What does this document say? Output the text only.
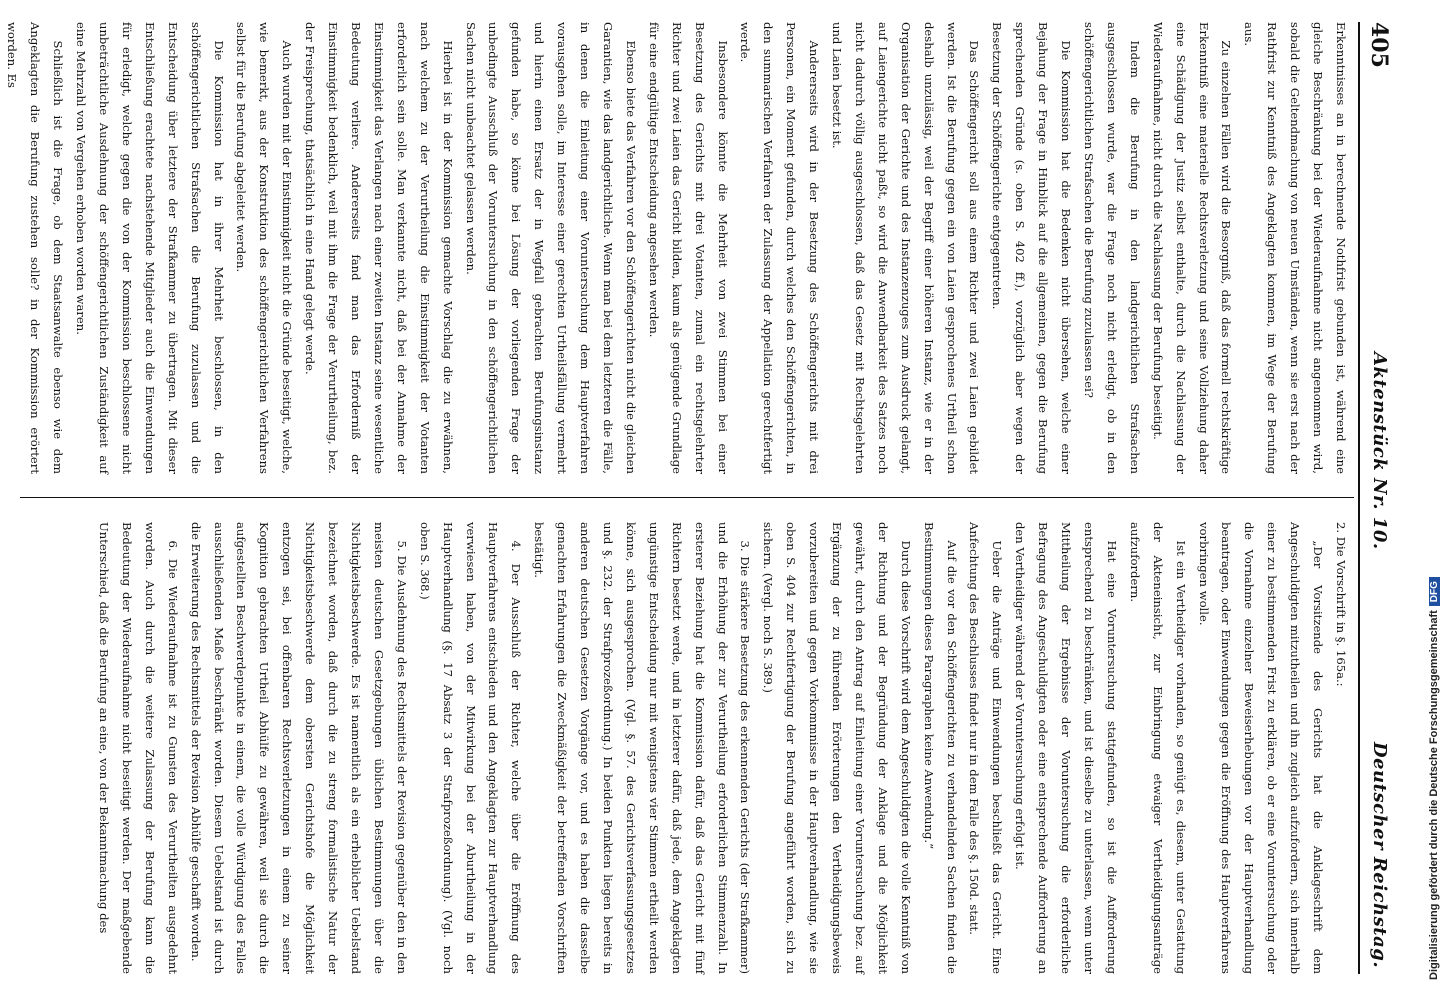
405
Aktenstück Nr. 10.
Deutscher Reichstag.

Erkenntnisses an in berechnende Nothfrist gebunden ist, während eine gleiche Beschränkung bei der Wiederaufnahme nicht angenommen wird, sobald die Geltendmachung von neuen Umständen, wenn sie erst nach der Rathfrist zur Kenntniß des Angeklagten kommen, im Wege der Berufung aus.

Zu einzelnen Fällen wird die Besorgniß, daß das formell rechtskräftige Erkenntniß eine materielle Rechtsverletzung und seine Vollziehung daher eine Schädigung der Justiz selbst enthalte, durch die Nachlassung der Wiederaufnahme, nicht durch die Nachlassung der Berufung beseitigt.

Indem die Berufung in den landgerichtlichen Strafsachen ausgeschlossen wurde, war die Frage noch nicht erledigt, ob in den schöffengerichtlichen Strafsachen die Berufung zuzulassen sei?

Die Kommission hat die Bedenken nicht übersehen, welche einer Bejahung der Frage in Hinblick auf die allgemeinen, gegen die Berufung sprechenden Gründe (s. oben S. 402 ff.), vorzüglich aber wegen der Besetzung der Schöffengerichte entgegentreten.

Das Schöffengericht soll aus einem Richter und zwei Laien gebildet werden. Ist die Berufung gegen ein von Laien gesprochenes Urtheil schon deshalb unzulässig, weil der Begriff einer höheren Instanz, wie er in der Organisation der Gerichte und des Instanzenzuges zum Ausdruck gelangt, auf Laiengerichte nicht paßt, so wird die Anwendbarkeit des Satzes noch nicht dadurch völlig ausgeschlossen, daß das Gesetz mit Rechtsgelehrten und Laien besetzt ist.

Andererseits wird in der Besetzung des Schöffengerichts mit drei Personen, ein Moment gefunden, durch welches den Schöffengerichten, in den summarischen Verfahren der Zulassung der Appellation gerechtfertigt werde.

Insbesondere könnte die Mehrheit von zwei Stimmen bei einer Besetzung des Gerichts mit drei Votanten, zumal ein rechtsgelehrter Richter und zwei Laien das Gericht bilden, kaum als genügende Grundlage für eine endgültige Entscheidung angesehen werden.

Ebenso biete das Verfahren vor den Schöffengerichten nicht die gleichen Garantien, wie das landgerichtliche. Wenn man bei dem letzteren die Fälle, in denen die Einleitung einer Voruntersuchung dem Hauptverfahren vorausgehen solle, im Interesse einer gerechten Urtheilsfällung vermehrt und hierin einen Ersatz der in Wegfall gebrachten Berufungsinstanz gefunden habe, so könne bei Lösung der vorliegenden Frage der unbedingte Ausschluß der Voruntersuchung in den schöffengerichtlichen Sachen nicht unbeachtet gelassen werden.

Hierbei ist in der Kommission gemachte Vorschlag die zu erwähnen, nach welchem zu der Verurtheilung die Einstimmigkeit der Votanten erforderlich sein solle. Man verkannte nicht, daß bei der Annahme der Einstimmigkeit das Verlangen nach einer zweiten Instanz seine wesentliche Bedeutung verliere. Andererseits fand man das Erforderniß der Einstimmigkeit bedenklich, weil mit ihm die Frage der Verurtheilung, bez. der Freisprechung, thatsächlich in eine Hand gelegt werde.

Auch wurden mit der Einstimmigkeit nicht die Gründe beseitigt, welche, wie bemerkt, aus der Konstruktion des schöffengerichtlichen Verfahrens selbst für die Berufung abgeleitet werden.

Die Kommission hat in ihrer Mehrheit beschlossen, in den schöffengerichtlichen Strafsachen die Berufung zuzulassen und die Entscheidung über letztere der Strafkammer zu übertragen. Mit dieser Entschließung erachtete nachstehende Mitglieder auch die Einwendungen für erledigt, welche gegen die von der Kommission beschlossene nicht unbeträchtliche Ausdehnung der schöffengerichtlichen Zuständigkeit auf eine Mehrzahl von Vergehen erhoben worden waren.

Schließlich ist die Frage, ob dem Staatsanwalte ebenso wie dem Angeklagten die Berufung zustehen solle? in der Kommission erörtert worden. Es

2. Die Vorschrift in §. 165a.:

„Der Vorsitzende des Gerichts hat die Anklageschrift dem Angeschuldigten mitzutheilen und ihn zugleich aufzufordern, sich innerhalb einer zu bestimmenden Frist zu erklären, ob er eine Voruntersuchung oder die Vornahme einzelner Beweiserhebungen vor der Hauptverhandlung beantragen, oder Einwendungen gegen die Eröffnung des Hauptverfahrens vorbringen wolle.

Ist ein Vertheidiger vorhanden, so genügt es, diesem, unter Gestattung der Akteneinsicht, zur Einbringung etwaiger Vertheidigungsanträge aufzufordern.

Hat eine Voruntersuchung stattgefunden, so ist die Aufforderung entsprechend zu beschränken, und ist dieselbe zu unterlassen, wenn unter Mittheilung der Ergebnisse der Voruntersuchung die erforderliche Befragung des Angeschuldigten oder eine entsprechende Aufforderung an den Vertheidiger während der Voruntersuchung erfolgt ist.

Ueber die Anträge und Einwendungen beschließt das Gericht. Eine Anfechtung des Beschlusses findet nur in dem Falle des §. 150d. statt.

Auf die vor den Schöffengerichten zu verhandelnden Sachen finden die Bestimmungen dieses Paragraphen keine Anwendung.“

Durch diese Vorschrift wird dem Angeschuldigten die volle Kenntniß von der Richtung und der Begründung der Anklage und die Möglichkeit gewährt, durch den Antrag auf Einleitung einer Voruntersuchung bez. auf Ergänzung der zu führenden Erörterungen den Vertheidigungsbeweis vorzubereiten und gegen Vorkommnisse in der Hauptverhandlung, wie sie oben S. 404 zur Rechtfertigung der Berufung angeführt worden, sich zu sichern. (Vergl. noch S. 389.)

3. Die stärkere Besetzung des erkennenden Gerichts (der Strafkammer) und die Erhöhung der zur Verurtheilung erforderlichen Stimmenzahl. In ersterer Beziehung hat die Kommission dafür, daß das Gericht mit fünf Richtern besetzt werde, und in letzterer dafür, daß jede, dem Angeklagten ungünstige Entscheidung nur mit wenigstens vier Stimmen ertheilt werden könne, sich ausgesprochen. (Vgl. §. 57. des Gerichtsverfassungsgesetzes und §. 232. der Strafprozeßordnung.) In beiden Punkten liegen bereits in anderen deutschen Gesetzen Vorgänge vor, und es haben die dasselbe genachten Erfahrungen die Zweckmäßigkeit der betreffenden Vorschriften bestätigt.

4. Der Ausschluß der Richter, welche über die Eröffnung des Hauptverfahrens entschieden und den Angeklagten zur Hauptverhandlung verwiesen haben, von der Mitwirkung bei der Aburtheilung in der Hauptverhandlung (§. 17 Absatz 3 der Strafprozeßordnung). (Vgl. noch oben S. 368.)

5. Die Ausdehnung des Rechtsmittels der Revision gegenüber den in den meisten deutschen Gesetzgebungen üblichen Bestimmungen über die Nichtigkeitsbeschwerde. Es ist namentlich als ein erheblicher Uebelstand bezeichnet worden, daß durch die zu streng formalistische Natur der Nichtigkeitsbeschwerde dem obersten Gerichtshofe die Möglichkeit entzogen sei, bei offenbaren Rechtsverletzungen in einem zu seiner Kognition gebrachten Urtheil Abhülfe zu gewähren, weil sie durch die aufgestellten Beschwerdepunkte in einem, die volle Würdigung des Falles ausschließenden Maße beschränkt worden. Diesem Uebelstand ist durch die Erweiterung des Rechtsmittels der Revision Abhülfe geschafft worden.

6. Die Wiederaufnahme ist zu Gunsten des Verurtheilten ausgedehnt worden. Auch durch die weitere Zulassung der Berufung kann die Bedeutung der Wiederaufnahme nicht beseitigt werden. Der maßgebende Unterschied, daß die Berufung an eine, von der Bekanntmachung des	Digitalisierung gefördert durch die Deutsche ForschungsgemeinschaftDFG
